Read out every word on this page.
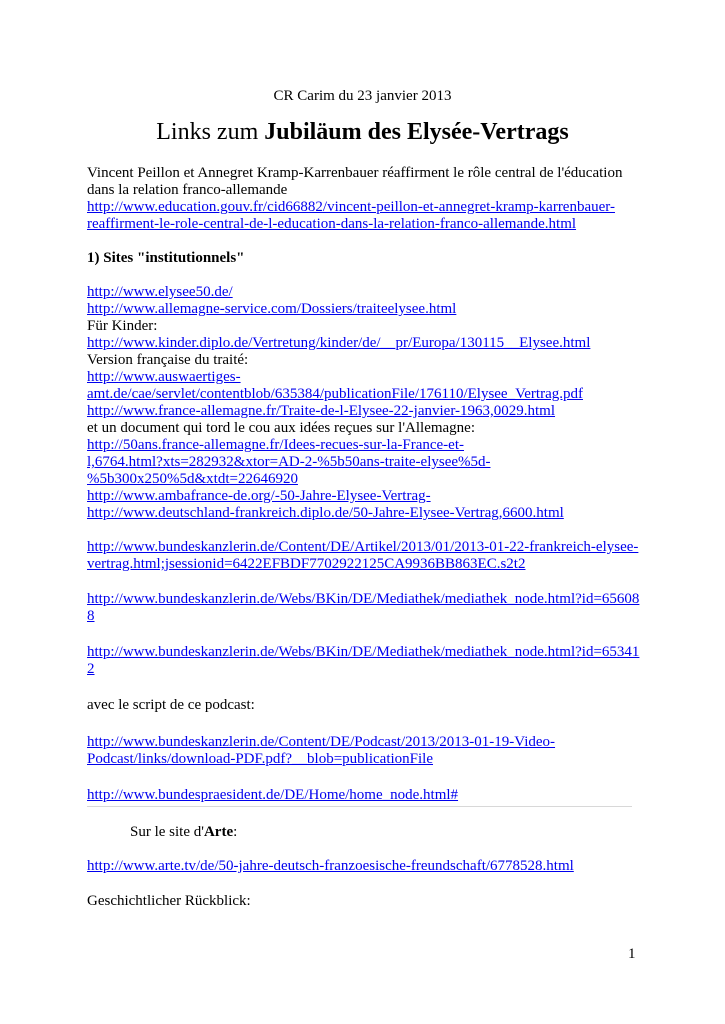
CR Carim du 23 janvier 2013
Links zum Jubiläum des Elysée-Vertrags
Vincent Peillon et Annegret Kramp-Karrenbauer réaffirment le rôle central de l'éducation
dans la relation franco-allemande
http://www.education.gouv.fr/cid66882/vincent-peillon-et-annegret-kramp-karrenbauer-
reaffirment-le-role-central-de-l-education-dans-la-relation-franco-allemande.html
1) Sites "institutionnels"
http://www.elysee50.de/
http://www.allemagne-service.com/Dossiers/traiteelysee.html
Für Kinder:
http://www.kinder.diplo.de/Vertretung/kinder/de/__pr/Europa/130115__Elysee.html
Version française du traité:
http://www.auswaertiges-
amt.de/cae/servlet/contentblob/635384/publicationFile/176110/Elysee_Vertrag.pdf
http://www.france-allemagne.fr/Traite-de-l-Elysee-22-janvier-1963,0029.html
et un document qui tord le cou aux idées reçues sur l'Allemagne:
http://50ans.france-allemagne.fr/Idees-recues-sur-la-France-et-
l,6764.html?xts=282932&xtor=AD-2-%5b50ans-traite-elysee%5d-
%5b300x250%5d&xtdt=22646920
http://www.ambafrance-de.org/-50-Jahre-Elysee-Vertrag-
http://www.deutschland-frankreich.diplo.de/50-Jahre-Elysee-Vertrag,6600.html
http://www.bundeskanzlerin.de/Content/DE/Artikel/2013/01/2013-01-22-frankreich-elysee-
vertrag.html;jsessionid=6422EFBDF7702922125CA9936BB863EC.s2t2
http://www.bundeskanzlerin.de/Webs/BKin/DE/Mediathek/mediathek_node.html?id=65608
8
http://www.bundeskanzlerin.de/Webs/BKin/DE/Mediathek/mediathek_node.html?id=65341
2
avec le script de ce podcast:
http://www.bundeskanzlerin.de/Content/DE/Podcast/2013/2013-01-19-Video-
Podcast/links/download-PDF.pdf?__blob=publicationFile
http://www.bundespraesident.de/DE/Home/home_node.html#
Sur le site d'Arte:
http://www.arte.tv/de/50-jahre-deutsch-franzoesische-freundschaft/6778528.html
Geschichtlicher Rückblick:
1
